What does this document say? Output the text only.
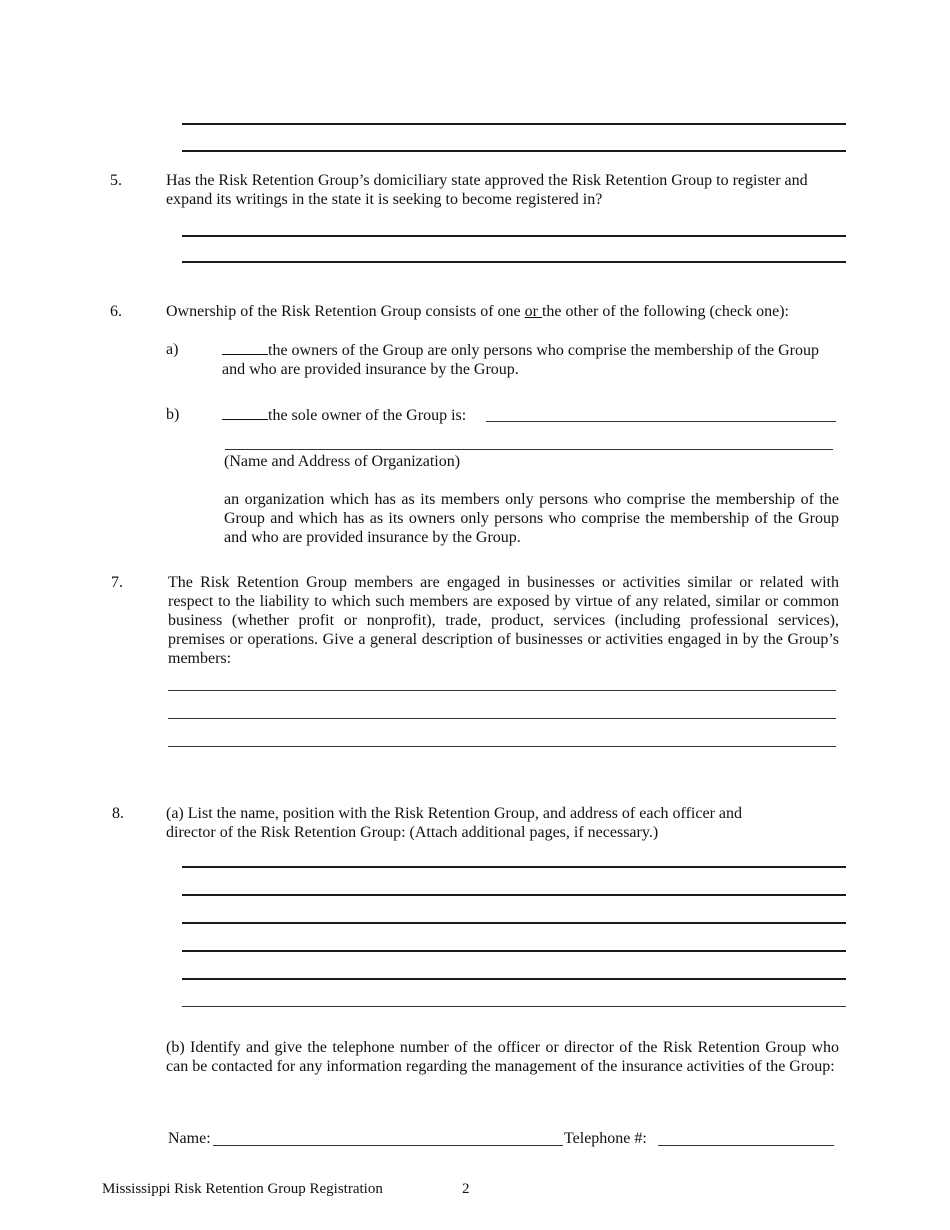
5.	Has the Risk Retention Group’s domiciliary state approved the Risk Retention Group to register and expand its writings in the state it is seeking to become registered in?
6.	Ownership of the Risk Retention Group consists of one or the other of the following (check one):
a)	the owners of the Group are only persons who comprise the membership of the Group and who are provided insurance by the Group.
b)	the sole owner of the Group is:
(Name and Address of Organization)
an organization which has as its members only persons who comprise the membership of the Group and which has as its owners only persons who comprise the membership of the Group and who are provided insurance by the Group.
7.	The Risk Retention Group members are engaged in businesses or activities similar or related with respect to the liability to which such members are exposed by virtue of any related, similar or common business (whether profit or nonprofit), trade, product, services (including professional services), premises or operations. Give a general description of businesses or activities engaged in by the Group’s members:
8.	(a) List the name, position with the Risk Retention Group, and address of each officer and director of the Risk Retention Group: (Attach additional pages, if necessary.)
(b) Identify and give the telephone number of the officer or director of the Risk Retention Group who can be contacted for any information regarding the management of the insurance activities of the Group:
Name:	Telephone #:
Mississippi Risk Retention Group Registration	2
